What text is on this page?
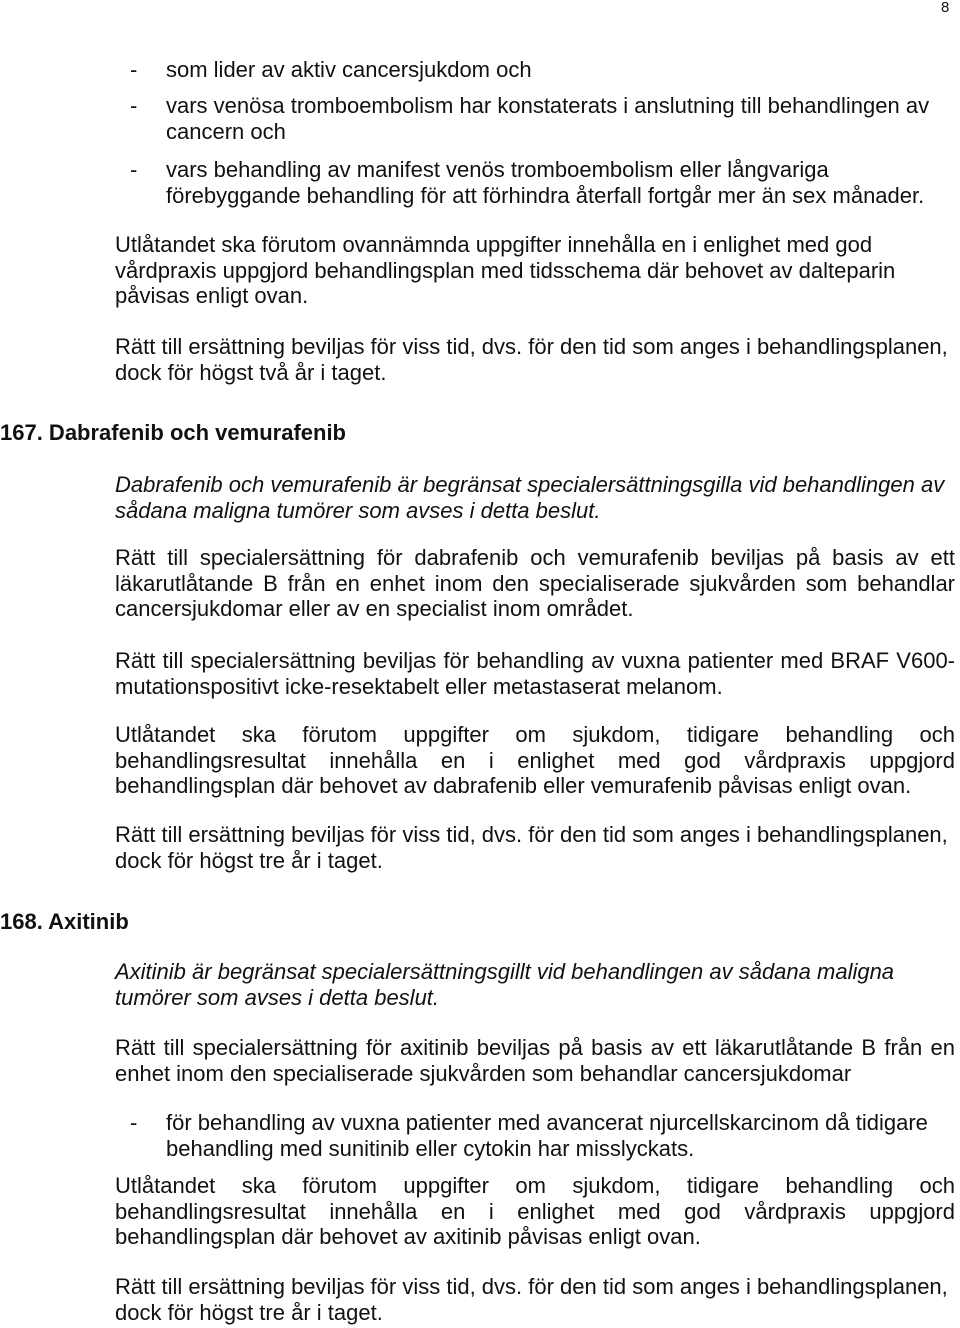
8
- som lider av aktiv cancersjukdom och
- vars venösa tromboembolism har konstaterats i anslutning till behandlingen av
cancern och
- vars behandling av manifest venös tromboembolism eller långvariga
förebyggande behandling för att förhindra återfall fortgår mer än sex månader.
Utlåtandet ska förutom ovannämnda uppgifter innehålla en i enlighet med god
vårdpraxis uppgjord behandlingsplan med tidsschema där behovet av dalteparin
påvisas enligt ovan.
Rätt till ersättning beviljas för viss tid, dvs. för den tid som anges i behandlingsplanen,
dock för högst två år i taget.
167. Dabrafenib och vemurafenib
Dabrafenib och vemurafenib är begränsat specialersättningsgilla vid behandlingen av
sådana maligna tumörer som avses i detta beslut.
Rätt till specialersättning för dabrafenib och vemurafenib beviljas på basis av ett
läkarutlåtande B från en enhet inom den specialiserade sjukvården som behandlar
cancersjukdomar eller av en specialist inom området.
Rätt till specialersättning beviljas för behandling av vuxna patienter med BRAF V600-
mutationspositivt icke-resektabelt eller metastaserat melanom.
Utlåtandet ska förutom uppgifter om sjukdom, tidigare behandling och
behandlingsresultat innehålla en i enlighet med god vårdpraxis uppgjord
behandlingsplan där behovet av dabrafenib eller vemurafenib påvisas enligt ovan.
Rätt till ersättning beviljas för viss tid, dvs. för den tid som anges i behandlingsplanen,
dock för högst tre år i taget.
168. Axitinib
Axitinib är begränsat specialersättningsgillt vid behandlingen av sådana maligna
tumörer som avses i detta beslut.
Rätt till specialersättning för axitinib beviljas på basis av ett läkarutlåtande B från en
enhet inom den specialiserade sjukvården som behandlar cancersjukdomar
- för behandling av vuxna patienter med avancerat njurcellskarcinom då tidigare
behandling med sunitinib eller cytokin har misslyckats.
Utlåtandet ska förutom uppgifter om sjukdom, tidigare behandling och
behandlingsresultat innehålla en i enlighet med god vårdpraxis uppgjord
behandlingsplan där behovet av axitinib påvisas enligt ovan.
Rätt till ersättning beviljas för viss tid, dvs. för den tid som anges i behandlingsplanen,
dock för högst tre år i taget.
